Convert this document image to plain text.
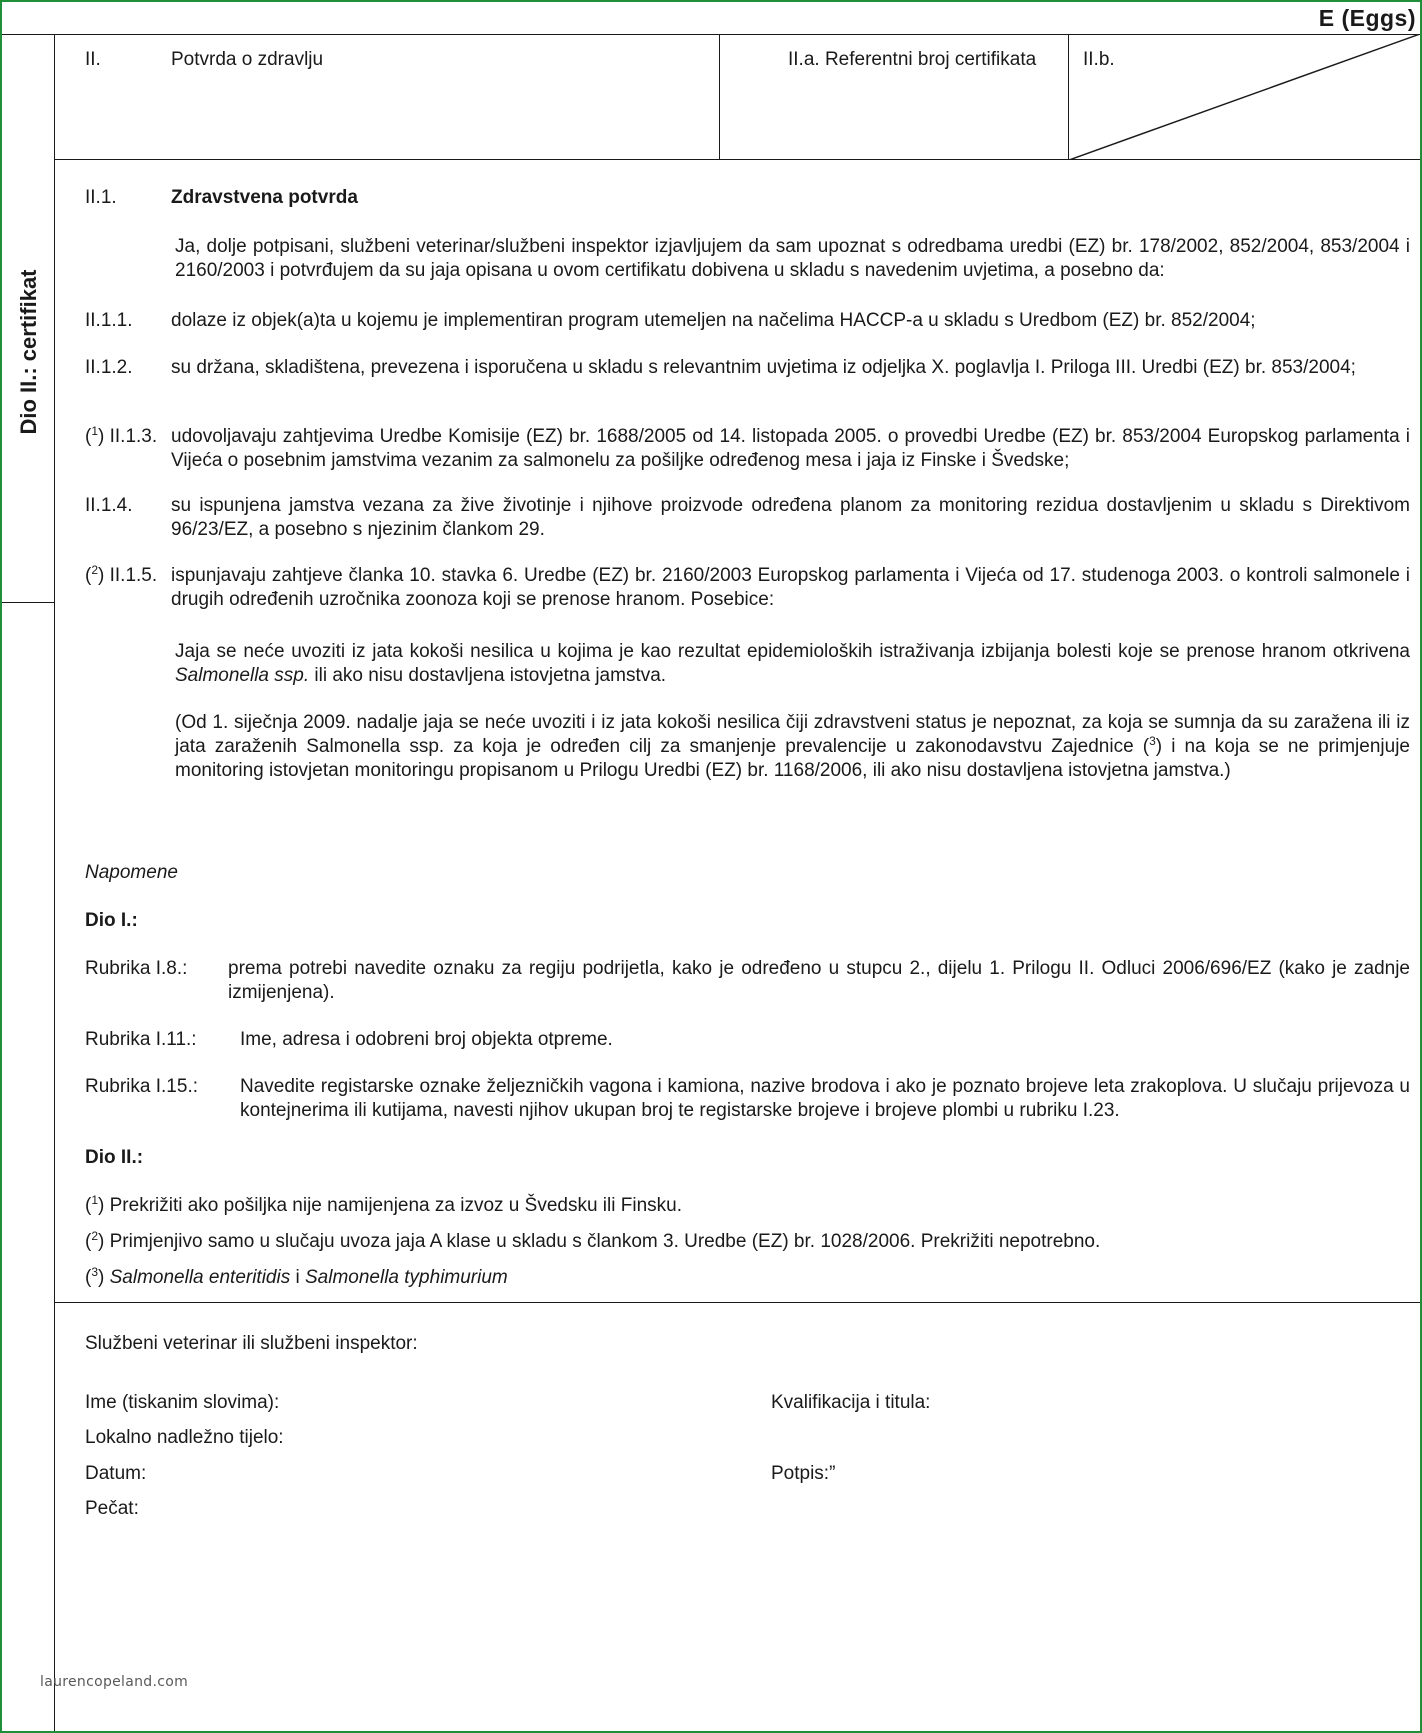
E (Eggs)
Dio II.: certifikat
II.	Potvrda o zdravlju	II.a. Referentni broj certifikata II.b.
II.1.	Zdravstvena potvrda
Ja, dolje potpisani, službeni veterinar/službeni inspektor izjavljujem da sam upoznat s odredbama uredbi (EZ) br. 178/2002, 852/2004, 853/2004 i 2160/2003 i potvrđujem da su jaja opisana u ovom certifikatu dobivena u skladu s navedenim uvjetima, a posebno da:
II.1.1. dolaze iz objek(a)ta u kojemu je implementiran program utemeljen na načelima HACCP-a u skladu s Uredbom (EZ) br. 852/2004;
II.1.2. su držana, skladištena, prevezena i isporučena u skladu s relevantnim uvjetima iz odjeljka X. poglavlja I. Priloga III. Uredbi (EZ) br. 853/2004;
($^1$) II.1.3. udovoljavaju zahtjevima Uredbe Komisije (EZ) br. 1688/2005 od 14. listopada 2005. o provedbi Uredbe (EZ) br. 853/2004 Europskog parlamenta i Vijeća o posebnim jamstvima vezanim za salmonelu za pošiljke određenog mesa i jaja iz Finske i Švedske;
II.1.4. su ispunjena jamstva vezana za žive životinje i njihove proizvode određena planom za monitoring rezidua dostavljenim u skladu s Direktivom 96/23/EZ, a posebno s njezinim člankom 29.
($^2$) II.1.5. ispunjavaju zahtjeve članka 10. stavka 6. Uredbe (EZ) br. 2160/2003 Europskog parlamenta i Vijeća od 17. studenoga 2003. o kontroli salmonele i drugih određenih uzročnika zoonoza koji se prenose hranom. Posebice:
Jaja se neće uvoziti iz jata kokoši nesilica u kojima je kao rezultat epidemioloških istraživanja izbijanja bolesti koje se prenose hranom otkrivena Salmonella ssp. ili ako nisu dostavljena istovjetna jamstva.
(Od 1. siječnja 2009. nadalje jaja se neće uvoziti i iz jata kokoši nesilica čiji zdravstveni status je nepoznat, za koja se sumnja da su zaražena ili iz jata zaraženih Salmonella ssp. za koja je određen cilj za smanjenje prevalencije u zakonodavstvu Zajednice ($^3$) i na koja se ne primjenjuje monitoring istovjetan monitoringu propisanom u Prilogu Uredbi (EZ) br. 1168/2006, ili ako nisu dostavljena istovjetna jamstva.)
Napomene
Dio I.:
Rubrika I.8.: prema potrebi navedite oznaku za regiju podrijetla, kako je određeno u stupcu 2., dijelu 1. Prilogu II. Odluci 2006/696/EZ (kako je zadnje izmijenjena).
Rubrika I.11.: Ime, adresa i odobreni broj objekta otpreme.
Rubrika I.15.: Navedite registarske oznake željezničkih vagona i kamiona, nazive brodova i ako je poznato brojeve leta zrakoplova. U slučaju prijevoza u kontejnerima ili kutijama, navesti njihov ukupan broj te registarske brojeve i brojeve plombi u rubriku I.23.
Dio II.:
($^1$) Prekrižiti ako pošiljka nije namijenjena za izvoz u Švedsku ili Finsku.
($^2$) Primjenjivo samo u slučaju uvoza jaja A klase u skladu s člankom 3. Uredbe (EZ) br. 1028/2006. Prekrižiti nepotrebno.
($^3$) Salmonella enteritidis i Salmonella typhimurium
Službeni veterinar ili službeni inspektor:
Ime (tiskanim slovima):	Kvalifikacija i titula:
Lokalno nadležno tijelo:
Datum:	Potpis:”
Pečat:
laurencopeland.com
